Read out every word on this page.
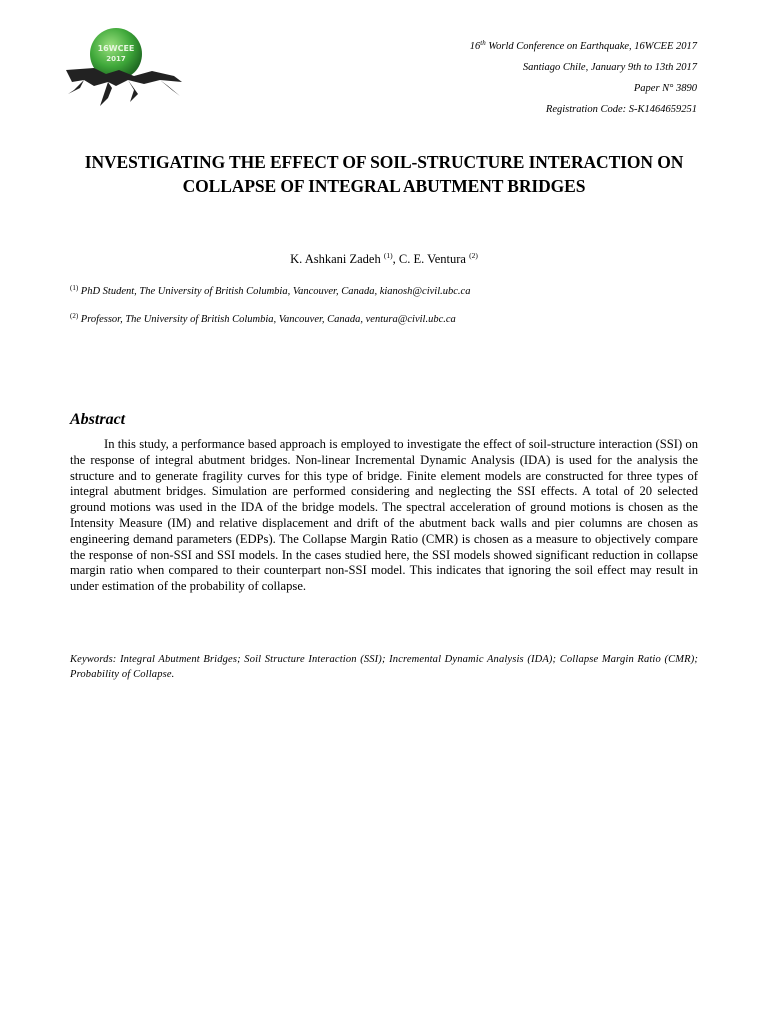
16WCEE
2017
16th World Conference on Earthquake, 16WCEE 2017
Santiago Chile, January 9th to 13th 2017
Paper N° 3890
Registration Code: S-K1464659251
INVESTIGATING THE EFFECT OF SOIL-STRUCTURE INTERACTION ON
COLLAPSE OF INTEGRAL ABUTMENT BRIDGES
K. Ashkani Zadeh $^{(1)}$, C. E. Ventura $^{(2)}$
$^{(1)}$ PhD Student, The University of British Columbia, Vancouver, Canada, kianosh@civil.ubc.ca
$^{(2)}$ Professor, The University of British Columbia, Vancouver, Canada, ventura@civil.ubc.ca
Abstract

In this study, a performance based approach is employed to investigate the effect of soil-structure interaction (SSI) on the response of integral abutment bridges. Non-linear Incremental Dynamic Analysis (IDA) is used for the analysis the structure and to generate fragility curves for this type of bridge. Finite element models are constructed for three types of integral abutment bridges. Simulation are performed considering and neglecting the SSI effects. A total of 20 selected ground motions was used in the IDA of the bridge models. The spectral acceleration of ground motions is chosen as the Intensity Measure (IM) and relative displacement and drift of the abutment back walls and pier columns are chosen as engineering demand parameters (EDPs). The Collapse Margin Ratio (CMR) is chosen as a measure to objectively compare the response of non-SSI and SSI models. In the cases studied here, the SSI models showed significant reduction in collapse margin ratio when compared to their counterpart non-SSI model. This indicates that ignoring the soil effect may result in under estimation of the probability of collapse.

Keywords: Integral Abutment Bridges; Soil Structure Interaction (SSI); Incremental Dynamic Analysis (IDA); Collapse Margin Ratio (CMR); Probability of Collapse.
